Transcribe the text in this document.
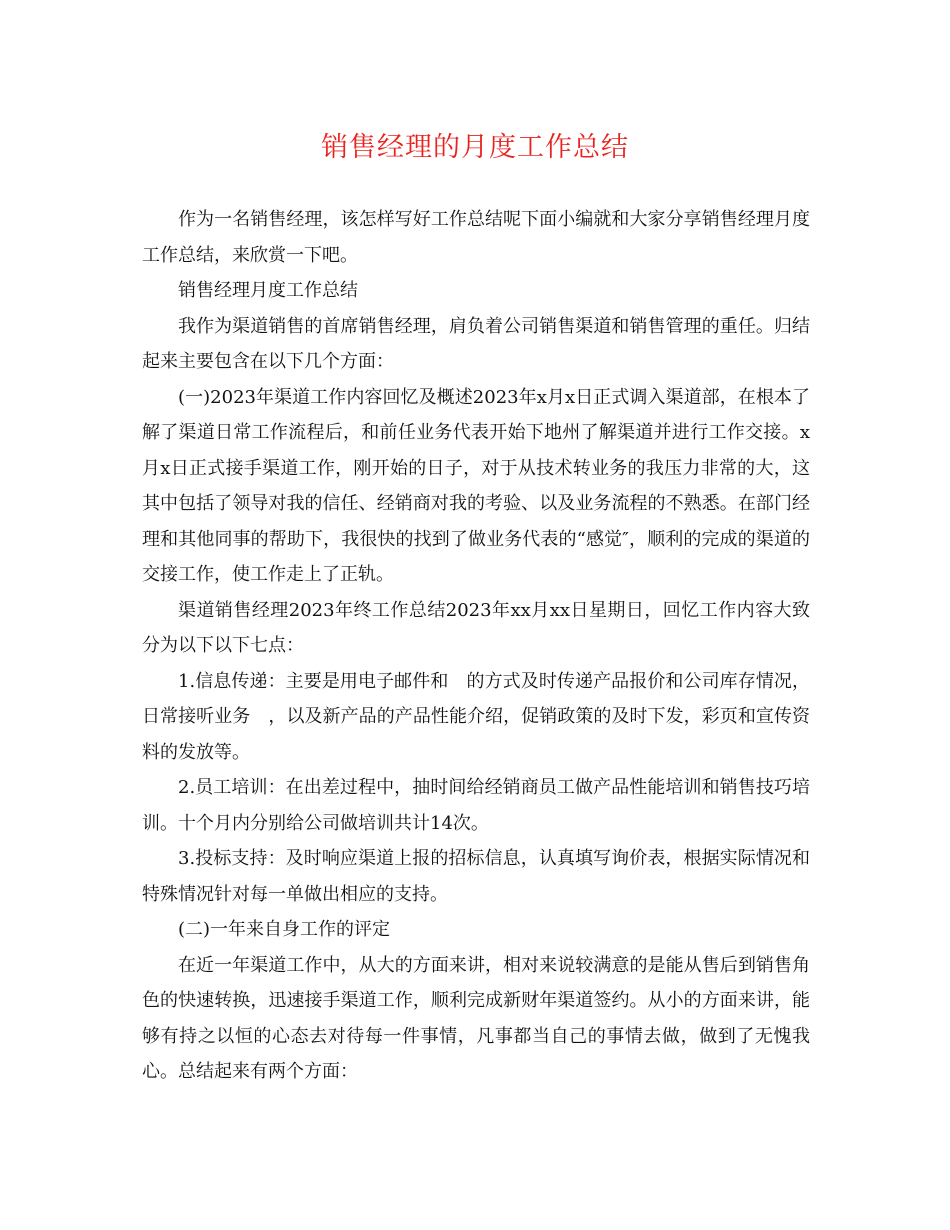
销售经理的月度工作总结

作为一名销售经理，该怎样写好工作总结呢下面小编就和大家分享销售经理月度工作总结，来欣赏一下吧。

销售经理月度工作总结

我作为渠道销售的首席销售经理，肩负着公司销售渠道和销售管理的重任。归结起来主要包含在以下几个方面：

(一)2023年渠道工作内容回忆及概述2023年x月x日正式调入渠道部，在根本了解了渠道日常工作流程后，和前任业务代表开始下地州了解渠道并进行工作交接。x月x日正式接手渠道工作，刚开始的日子，对于从技术转业务的我压力非常的大，这其中包括了领导对我的信任、经销商对我的考验、以及业务流程的不熟悉。在部门经理和其他同事的帮助下，我很快的找到了做业务代表的“感觉″，顺利的完成的渠道的交接工作，使工作走上了正轨。

渠道销售经理2023年终工作总结2023年xx月xx日星期日，回忆工作内容大致分为以下以下七点：

1.信息传递：主要是用电子邮件和　的方式及时传递产品报价和公司库存情况，日常接听业务　，以及新产品的产品性能介绍，促销政策的及时下发，彩页和宣传资料的发放等。

2.员工培训：在出差过程中，抽时间给经销商员工做产品性能培训和销售技巧培训。十个月内分别给公司做培训共计14次。

3.投标支持：及时响应渠道上报的招标信息，认真填写询价表，根据实际情况和特殊情况针对每一单做出相应的支持。

(二)一年来自身工作的评定

在近一年渠道工作中，从大的方面来讲，相对来说较满意的是能从售后到销售角色的快速转换，迅速接手渠道工作，顺利完成新财年渠道签约。从小的方面来讲，能够有持之以恒的心态去对待每一件事情，凡事都当自己的事情去做，做到了无愧我心。总结起来有两个方面：
